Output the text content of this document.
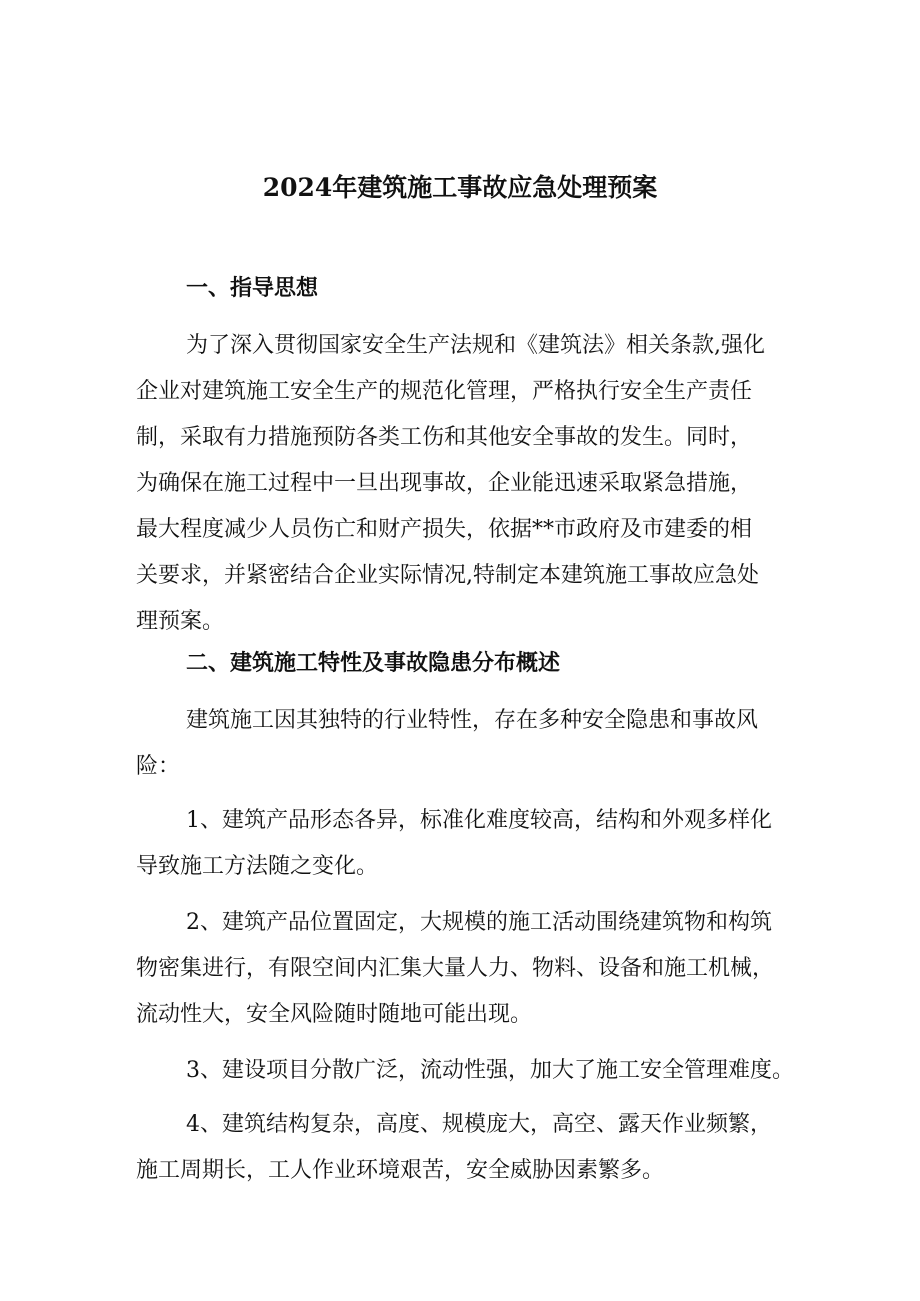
2024年建筑施工事故应急处理预案
一、指导思想
为了深入贯彻国家安全生产法规和《建筑法》相关条款,强化
企业对建筑施工安全生产的规范化管理，严格执行安全生产责任
制，采取有力措施预防各类工伤和其他安全事故的发生。同时，
为确保在施工过程中一旦出现事故，企业能迅速采取紧急措施，
最大程度减少人员伤亡和财产损失，依据**市政府及市建委的相
关要求，并紧密结合企业实际情况,特制定本建筑施工事故应急处
理预案。
二、建筑施工特性及事故隐患分布概述
建筑施工因其独特的行业特性，存在多种安全隐患和事故风
险：
1、建筑产品形态各异，标准化难度较高，结构和外观多样化
导致施工方法随之变化。
2、建筑产品位置固定，大规模的施工活动围绕建筑物和构筑
物密集进行，有限空间内汇集大量人力、物料、设备和施工机械，
流动性大，安全风险随时随地可能出现。
3、建设项目分散广泛，流动性强，加大了施工安全管理难度。
4、建筑结构复杂，高度、规模庞大，高空、露天作业频繁，
施工周期长，工人作业环境艰苦，安全威胁因素繁多。
